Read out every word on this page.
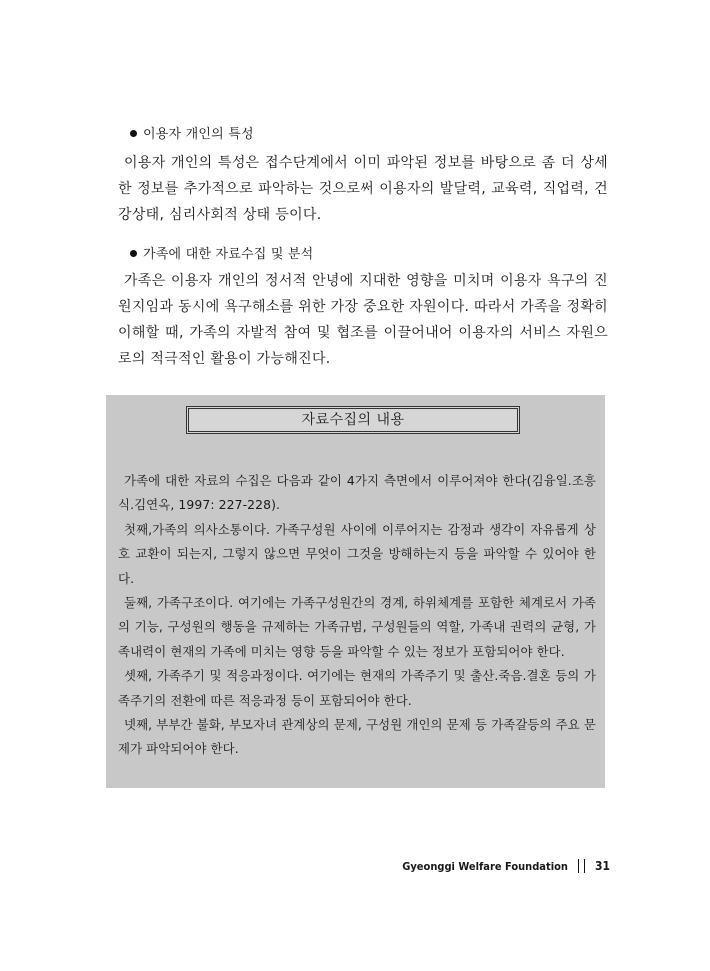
이용자 개인의 특성

이용자 개인의 특성은 접수단계에서 이미 파악된 정보를 바탕으로 좀 더 상세한 정보를 추가적으로 파악하는 것으로써 이용자의 발달력, 교육력, 직업력, 건강상태, 심리사회적 상태 등이다.

가족에 대한 자료수집 및 분석

가족은 이용자 개인의 정서적 안녕에 지대한 영향을 미치며 이용자 욕구의 진원지임과 동시에 욕구해소를 위한 가장 중요한 자원이다. 따라서 가족을 정확히 이해할 때, 가족의 자발적 참여 및 협조를 이끌어내어 이용자의 서비스 자원으로의 적극적인 활용이 가능해진다.

자료수집의 내용

가족에 대한 자료의 수집은 다음과 같이 4가지 측면에서 이루어져야 한다(김융일.조흥식.김연옥, 1997: 227-228).

첫째,가족의 의사소통이다. 가족구성원 사이에 이루어지는 감정과 생각이 자유롭게 상호 교환이 되는지, 그렇지 않으면 무엇이 그것을 방해하는지 등을 파악할 수 있어야 한다.

둘째, 가족구조이다. 여기에는 가족구성원간의 경계, 하위체계를 포함한 체계로서 가족의 기능, 구성원의 행동을 규제하는 가족규범, 구성원들의 역할, 가족내 권력의 균형, 가족내력이 현재의 가족에 미치는 영향 등을 파악할 수 있는 정보가 포함되어야 한다.

셋째, 가족주기 및 적응과정이다. 여기에는 현재의 가족주기 및 출산.죽음.결혼 등의 가족주기의 전환에 따른 적응과정 등이 포함되어야 한다.

넷째, 부부간 불화, 부모자녀 관계상의 문제, 구성원 개인의 문제 등 가족갈등의 주요 문제가 파악되어야 한다.

Gyeonggi Welfare Foundation 31
